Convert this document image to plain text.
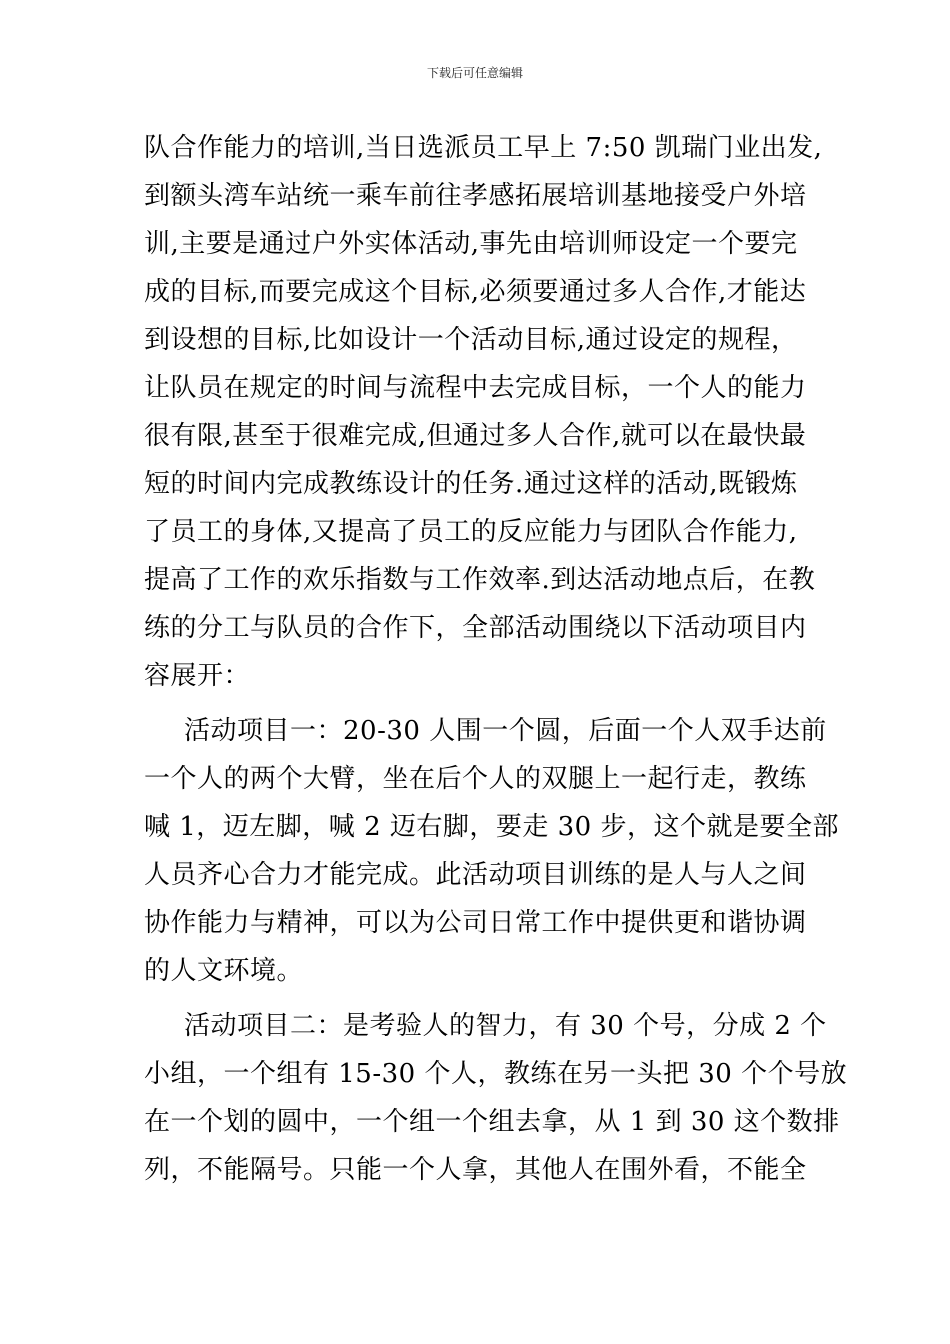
下载后可任意编辑
队合作能力的培训,当日选派员工早上 7:50 凯瑞门业出发,
到额头湾车站统一乘车前往孝感拓展培训基地接受户外培
训,主要是通过户外实体活动,事先由培训师设定一个要完
成的目标,而要完成这个目标,必须要通过多人合作,才能达
到设想的目标,比如设计一个活动目标,通过设定的规程，
让队员在规定的时间与流程中去完成目标，一个人的能力
很有限,甚至于很难完成,但通过多人合作,就可以在最快最
短的时间内完成教练设计的任务.通过这样的活动,既锻炼
了员工的身体,又提高了员工的反应能力与团队合作能力,
提高了工作的欢乐指数与工作效率.到达活动地点后，在教
练的分工与队员的合作下，全部活动围绕以下活动项目内
容展开：
活动项目一：20-30 人围一个圆，后面一个人双手达前
一个人的两个大臂，坐在后个人的双腿上一起行走，教练
喊 1，迈左脚，喊 2 迈右脚，要走 30 步，这个就是要全部
人员齐心合力才能完成。此活动项目训练的是人与人之间
协作能力与精神，可以为公司日常工作中提供更和谐协调
的人文环境。
活动项目二：是考验人的智力，有 30 个号，分成 2 个
小组，一个组有 15-30 个人，教练在另一头把 30 个个号放
在一个划的圆中，一个组一个组去拿，从 1 到 30 这个数排
列，不能隔号。只能一个人拿，其他人在围外看，不能全
